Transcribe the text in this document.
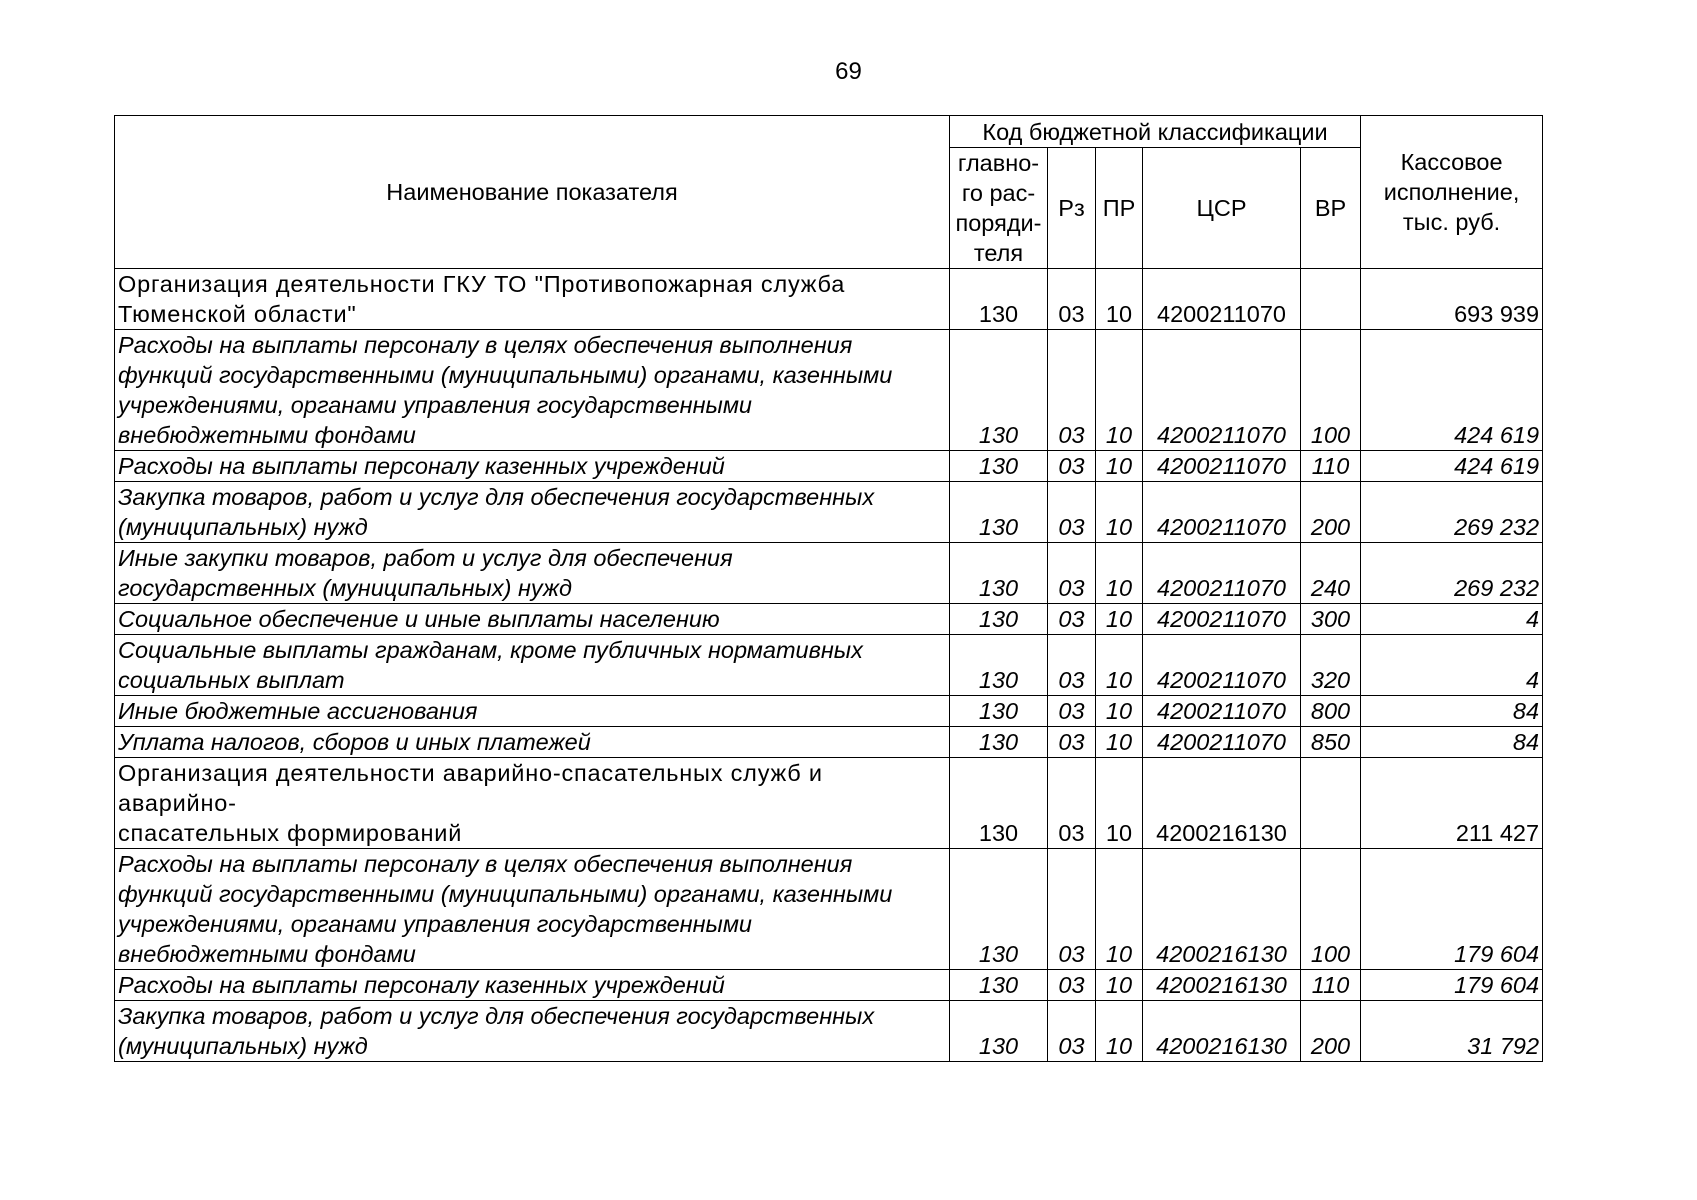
69
Наименование показателя	Код бюджетной классификации					Кассовое
исполнение,
тыс. руб.

	главно-
го рас-
поряди-
теля	Рз	ПР	ЦСР	ВР	

Организация деятельности ГКУ ТО "Противопожарная служба
Тюменской области"	130	03	10	4200211070		693 939

Расходы на выплаты персоналу в целях обеспечения выполнения
функций государственными (муниципальными) органами, казенными
учреждениями, органами управления государственными
внебюджетными фондами	130	03	10	4200211070	100	424 619

Расходы на выплаты персоналу казенных учреждений	130	03	10	4200211070	110	424 619

Закупка товаров, работ и услуг для обеспечения государственных
(муниципальных) нужд	130	03	10	4200211070	200	269 232

Иные закупки товаров, работ и услуг для обеспечения
государственных (муниципальных) нужд	130	03	10	4200211070	240	269 232

Социальное обеспечение и иные выплаты населению	130	03	10	4200211070	300	4

Социальные выплаты гражданам, кроме публичных нормативных
социальных выплат	130	03	10	4200211070	320	4

Иные бюджетные ассигнования	130	03	10	4200211070	800	84

Уплата налогов, сборов и иных платежей	130	03	10	4200211070	850	84

Организация деятельности аварийно-спасательных служб и аварийно-
спасательных формирований	130	03	10	4200216130		211 427

Расходы на выплаты персоналу в целях обеспечения выполнения
функций государственными (муниципальными) органами, казенными
учреждениями, органами управления государственными
внебюджетными фондами	130	03	10	4200216130	100	179 604

Расходы на выплаты персоналу казенных учреждений	130	03	10	4200216130	110	179 604

Закупка товаров, работ и услуг для обеспечения государственных
(муниципальных) нужд	130	03	10	4200216130	200	31 792
